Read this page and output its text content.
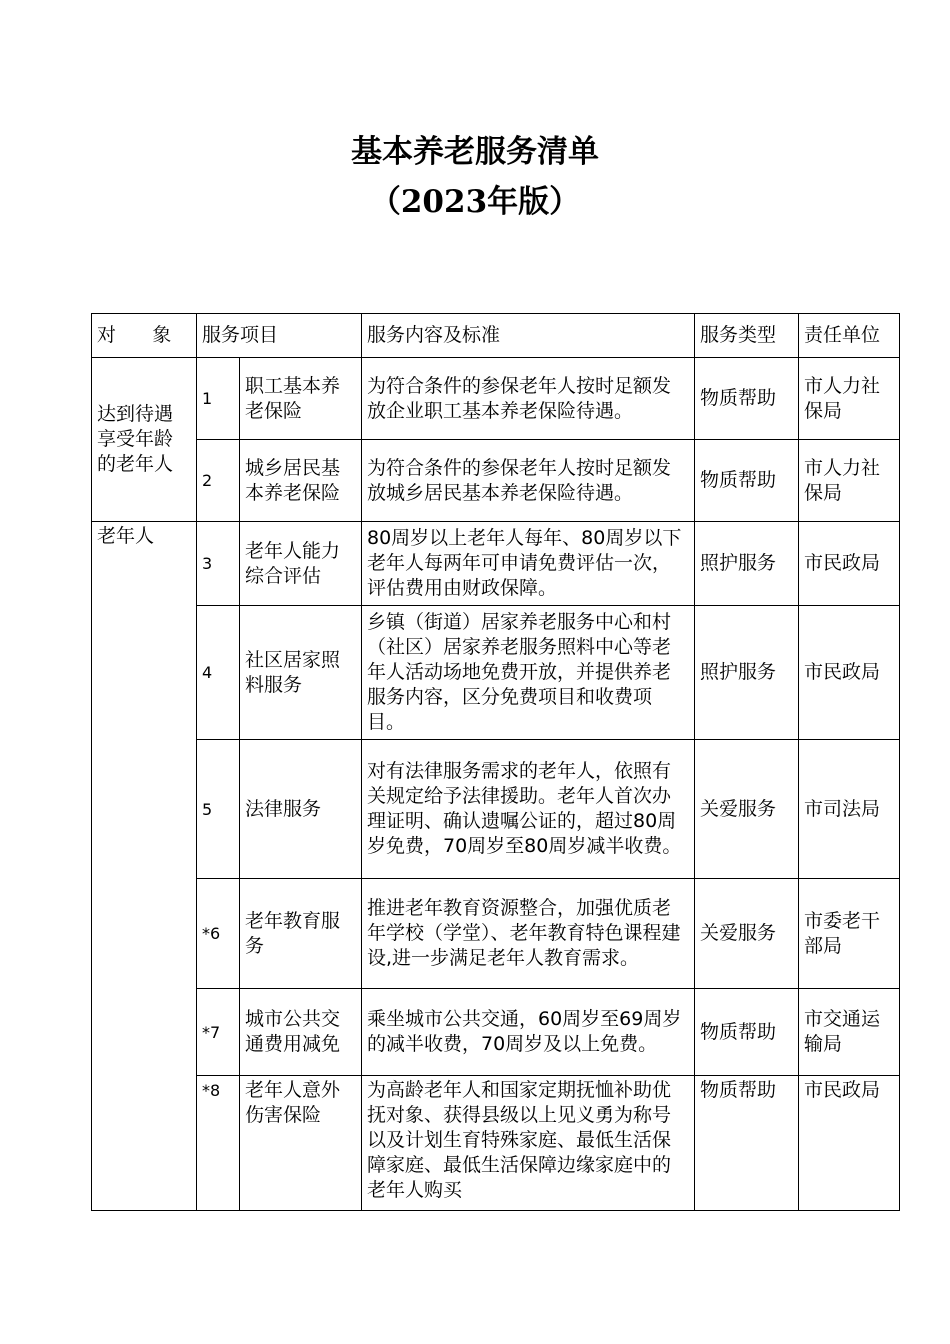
基本养老服务清单
（2023年版）
对      象	服务项目		服务内容及标准	服务类型	责任单位
达到待遇享受年龄的老年人	1	职工基本养老保险	为符合条件的参保老年人按时足额发放企业职工基本养老保险待遇。	物质帮助	市人力社保局
	2	城乡居民基本养老保险	为符合条件的参保老年人按时足额发放城乡居民基本养老保险待遇。	物质帮助	市人力社保局
老年人	3	老年人能力综合评估	80周岁以上老年人每年、80周岁以下老年人每两年可申请免费评估一次，评估费用由财政保障。	照护服务	市民政局
	4	社区居家照料服务	乡镇（街道）居家养老服务中心和村（社区）居家养老服务照料中心等老年人活动场地免费开放，并提供养老服务内容，区分免费项目和收费项目。	照护服务	市民政局
	5	法律服务	对有法律服务需求的老年人，依照有关规定给予法律援助。老年人首次办理证明、确认遗嘱公证的，超过80周岁免费，70周岁至80周岁减半收费。	关爱服务	市司法局
	*6	老年教育服务	推进老年教育资源整合，加强优质老年学校（学堂）、老年教育特色课程建设,进一步满足老年人教育需求。	关爱服务	市委老干部局
	*7	城市公共交通费用减免	乘坐城市公共交通，60周岁至69周岁的减半收费，70周岁及以上免费。	物质帮助	市交通运输局
	*8	老年人意外伤害保险	为高龄老年人和国家定期抚恤补助优抚对象、获得县级以上见义勇为称号以及计划生育特殊家庭、最低生活保障家庭、最低生活保障边缘家庭中的老年人购买	物质帮助	市民政局
